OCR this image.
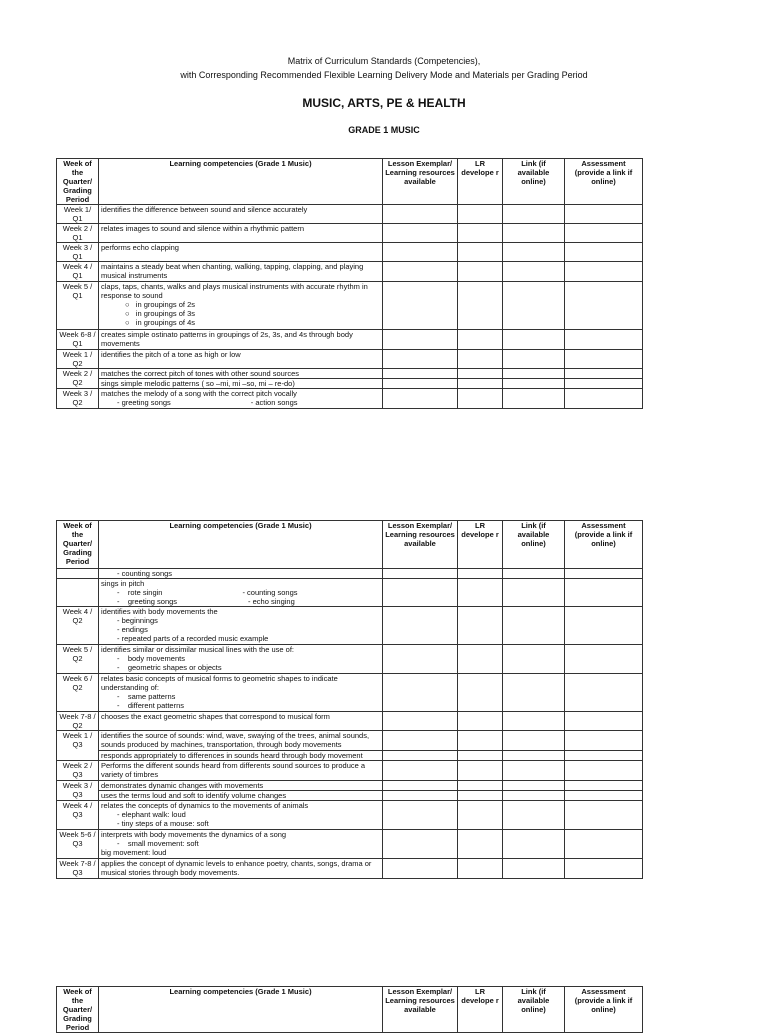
Matrix of Curriculum Standards (Competencies),
with Corresponding Recommended Flexible Learning Delivery Mode and Materials per Grading Period
MUSIC, ARTS, PE & HEALTH
GRADE 1 MUSIC
Week of the Quarter/ Grading Period	Learning competencies (Grade 1 Music)	Lesson Exemplar/ Learning resources available	LR develope r	Link (if available online)	Assessment (provide a link if online)
Week 1/ Q1	identifies the difference between sound and silence accurately				

Week 2 / Q1	relates images to sound and silence within a rhythmic pattern				

Week 3 / Q1	performs echo clapping				

Week 4 / Q1	maintains a steady beat when chanting, walking, tapping, clapping, and playing
musical instruments				

Week 5 / Q1	claps, taps, chants, walks and plays musical instruments with accurate rhythm in
response to sound
○   in groupings of 2s
○   in groupings of 3s
○   in groupings of 4s				

Week 6-8 / Q1	creates simple ostinato patterns in groupings of 2s, 3s, and 4s through body
movements				

Week 1 / Q2	identifies the pitch of a tone as high or low				

Week 2 / Q2	matches the correct pitch of tones with other sound sources				

	sings simple melodic patterns ( so –mi, mi –so, mi – re-do)				

Week 3 / Q2	matches the melody of a song with the correct pitch vocally
- greeting songs - action songs				

Week of the Quarter/ Grading Period	Learning competencies (Grade 1 Music)	Lesson Exemplar/ Learning resources available	LR develope r	Link (if available online)	Assessment (provide a link if online)

	- counting songs				

	sings in pitch
-    rote singin - counting songs
-    greeting songs - echo singing				

Week 4 / Q2	identifies with body movements the
- beginnings
- endings
- repeated parts of a recorded music example				

Week 5 / Q2	identifies similar or dissimilar musical lines with the use of:
-    body movements
-    geometric shapes or objects				

Week 6 / Q2	relates basic concepts of musical forms to geometric shapes to indicate
understanding of:
-    same patterns
-    different patterns				

Week 7-8 / Q2	chooses the exact geometric shapes that correspond to musical form				

Week 1 / Q3	identifies the source of sounds: wind, wave, swaying of the trees, animal sounds,
sounds produced by machines, transportation, through body movements				

	responds appropriately to differences in sounds heard through body movement				

Week 2 / Q3	Performs the different sounds heard from differents sound sources to produce a
variety of timbres				

Week 3 / Q3	demonstrates dynamic changes with movements				

	uses the terms loud and soft to identify volume changes				

Week 4 / Q3	relates the concepts of dynamics to the movements of animals
- elephant walk: loud
- tiny steps of a mouse: soft				

Week 5-6 / Q3	interprets with body movements the dynamics of a song
-    small movement: soft
big movement: loud				

Week 7-8 / Q3	applies the concept of dynamic levels to enhance poetry, chants, songs, drama or
musical stories through body movements.				

Week of the Quarter/ Grading Period	Learning competencies (Grade 1 Music)	Lesson Exemplar/ Learning resources available	LR develope r	Link (if available online)	Assessment (provide a link if online)
